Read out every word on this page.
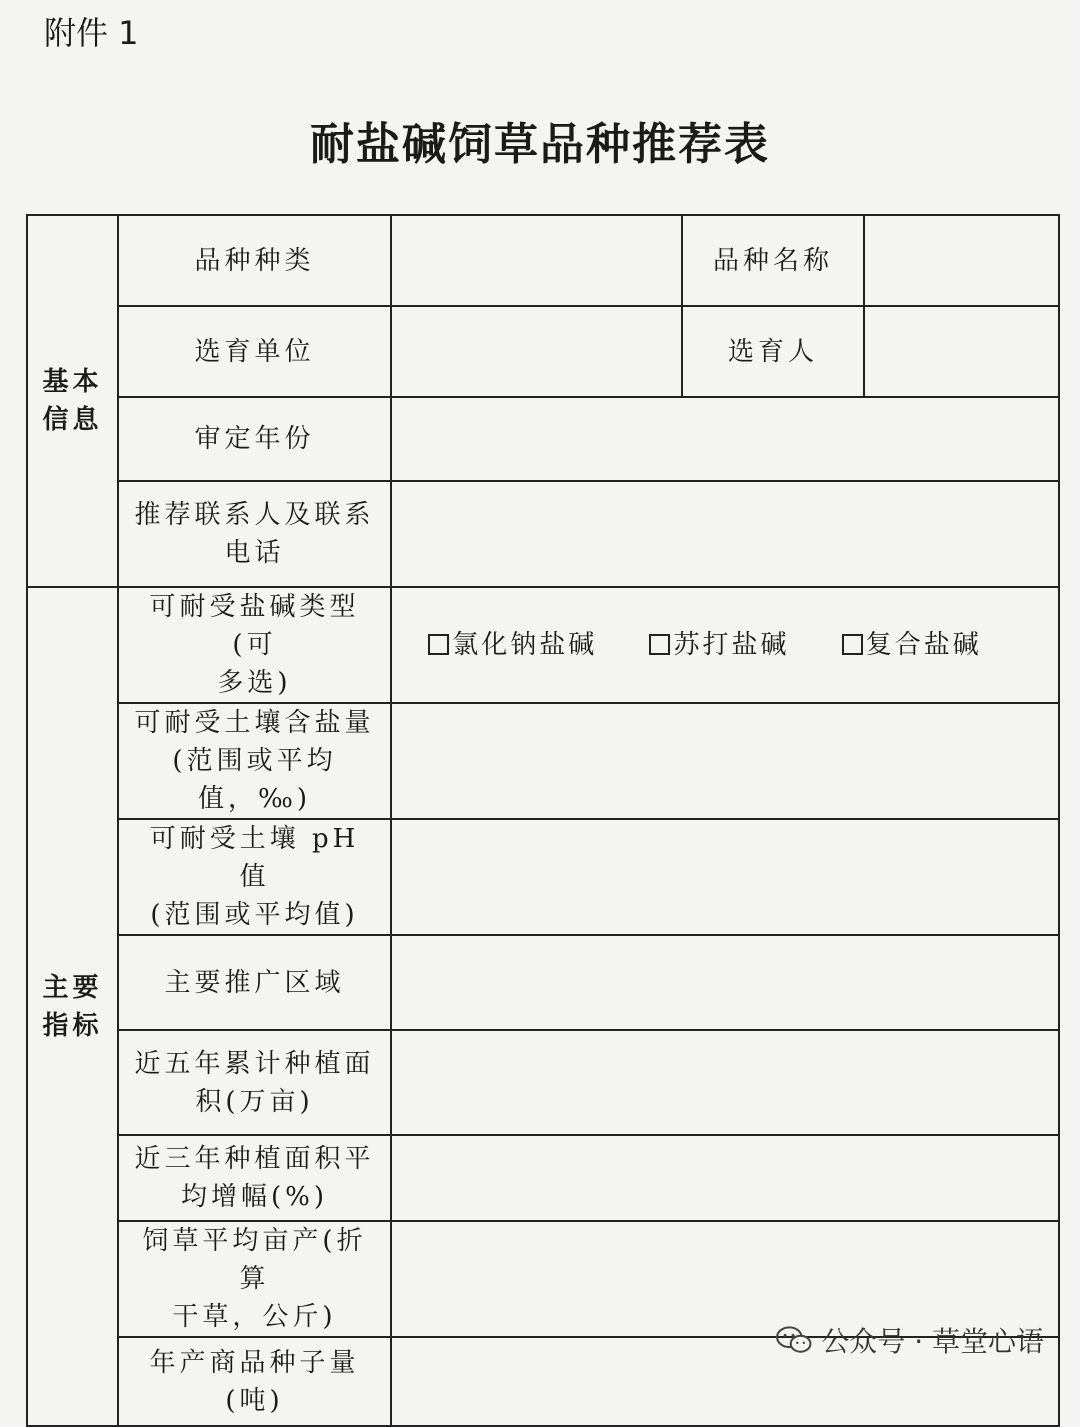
附件 1
耐盐碱饲草品种推荐表
基本
信息	品种种类		品种名称	
	选育单位		选育人	
	审定年份			
	推荐联系人及联系
电话			
主要
指标	可耐受盐碱类型(可
多选)	氯化钠盐碱 苏打盐碱 复合盐碱		
	可耐受土壤含盐量
(范围或平均
值，‰)			
	可耐受土壤 pH 值
(范围或平均值)			
	主要推广区域			
	近五年累计种植面
积(万亩)			
	近三年种植面积平
均增幅(%)			
	饲草平均亩产(折算
干草，公斤)			
	年产商品种子量
(吨)			
公众号 · 草堂心语
